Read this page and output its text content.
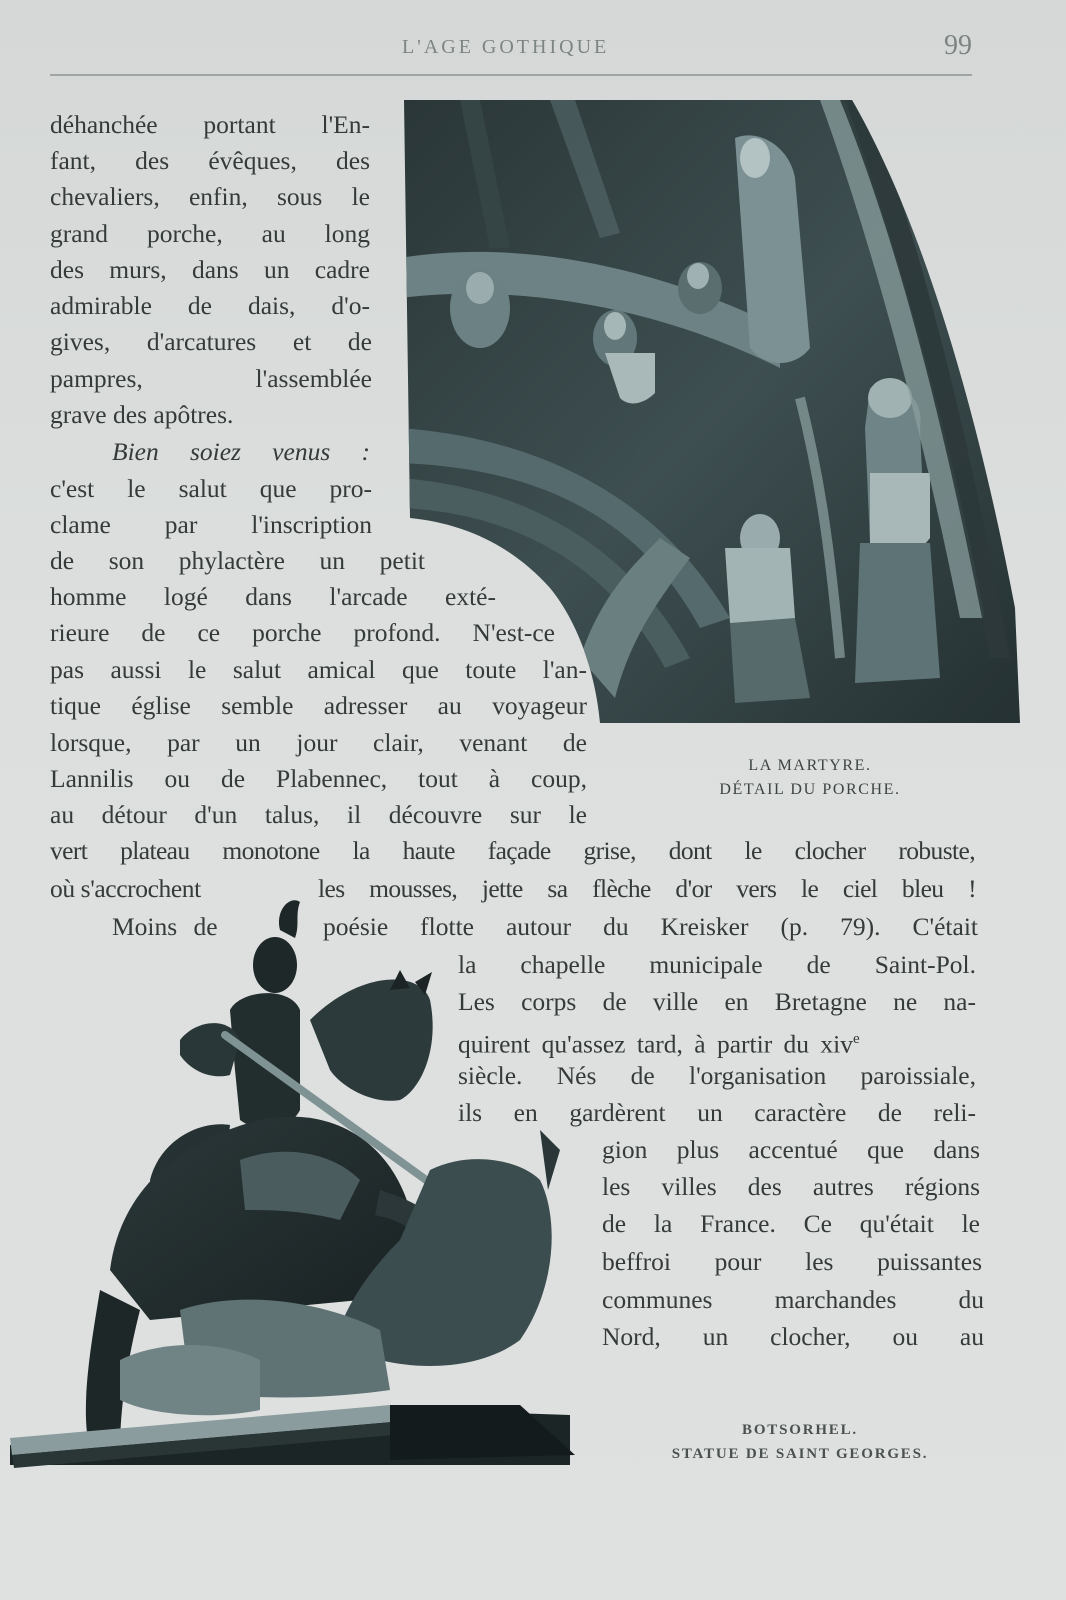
L'AGE GOTHIQUE	99
déhanchée portant l'En-
fant, des évêques, des
chevaliers, enfin, sous le
grand porche, au long
des murs, dans un cadre
admirable de dais, d'o-
gives, d'arcatures et de
pampres, l'assemblée
grave des apôtres.
Bien soiez venus :
c'est le salut que pro-
clame par l'inscription
de son phylactère un petit
homme logé dans l'arcade exté-
rieure de ce porche profond. N'est-ce
pas aussi le salut amical que toute l'an-
tique église semble adresser au voyageur
lorsque, par un jour clair, venant de
Lannilis ou de Plabennec, tout à coup,
au détour d'un talus, il découvre sur le
LA MARTYRE.
DÉTAIL DU PORCHE.
vert plateau monotone la haute façade grise, dont le clocher robuste,
où s'accrochent	les mousses, jette sa flèche d'or vers le ciel bleu !
Moins de	poésie flotte autour du Kreisker (p. 79). C'était
la chapelle municipale de Saint-Pol.
Les corps de ville en Bretagne ne na-
quirent qu'assez tard, à partir du xiv$^e$
siècle. Nés de l'organisation paroissiale,
ils en gardèrent un caractère de reli-
gion plus accentué que dans
les villes des autres régions
de la France. Ce qu'était le
beffroi pour les puissantes
communes marchandes du
Nord, un clocher, ou au
BOTSORHEL.
STATUE DE SAINT GEORGES.
